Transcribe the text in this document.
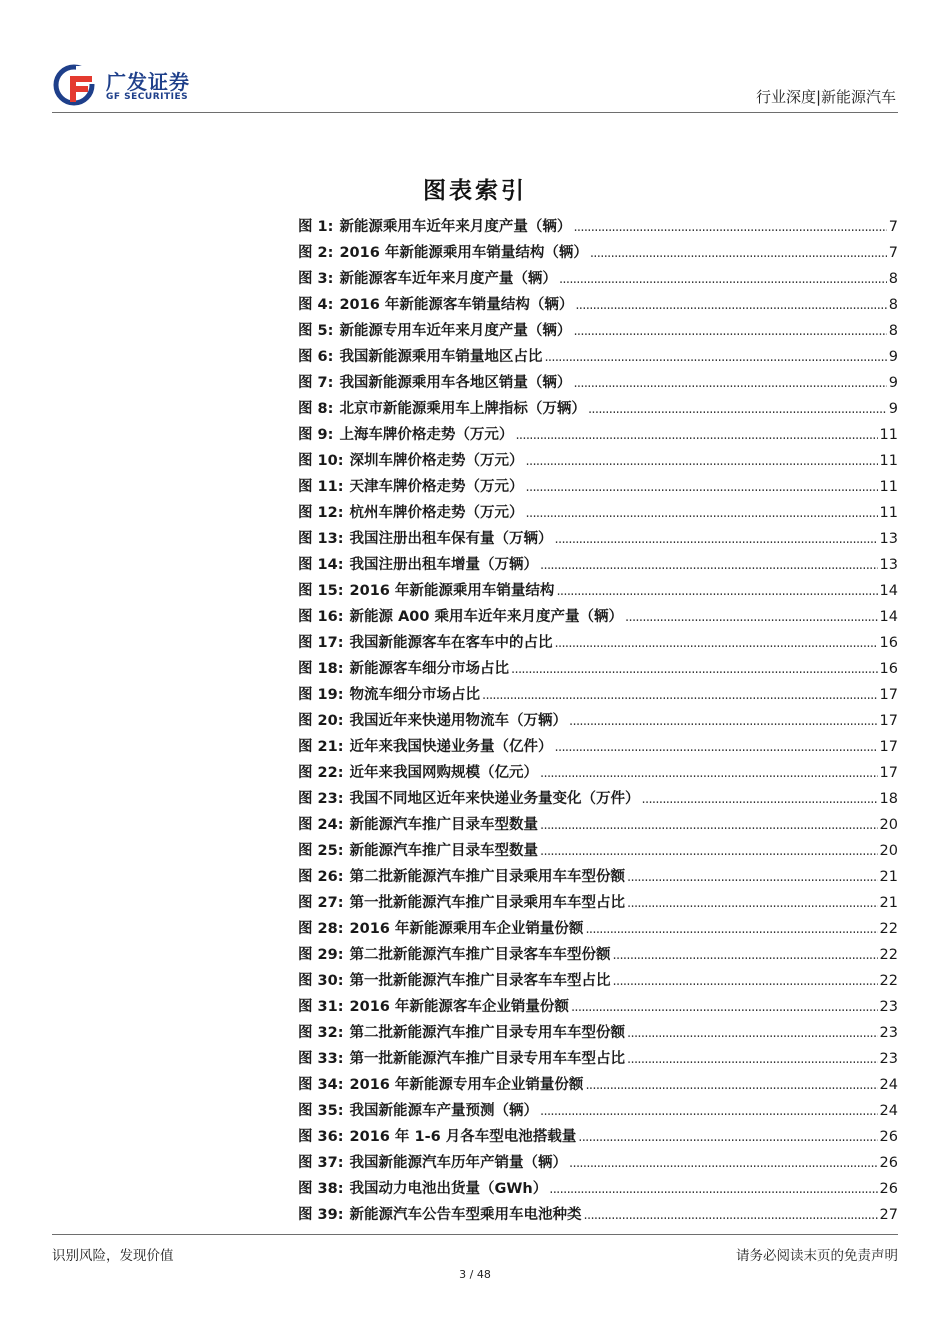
广发证券
GF SECURITIES	行业深度|新能源汽车
图表索引
图 1: 新能源乘用车近年来月度产量（辆） . . .	7
图 2: 2016 年新能源乘用车销量结构（辆） . . .	7
图 3: 新能源客车近年来月度产量（辆） . . .	8
图 4: 2016 年新能源客车销量结构（辆） . . .	8
图 5: 新能源专用车近年来月度产量（辆） . . .	8
图 6: 我国新能源乘用车销量地区占比 . . .	9
图 7: 我国新能源乘用车各地区销量（辆） . . .	9
图 8: 北京市新能源乘用车上牌指标（万辆） . . .	9
图 9: 上海车牌价格走势（万元） . . .	11
图 10: 深圳车牌价格走势（万元） . . .	11
图 11: 天津车牌价格走势（万元） . . .	11
图 12: 杭州车牌价格走势（万元） . . .	11
图 13: 我国注册出租车保有量（万辆） . . .	13
图 14: 我国注册出租车增量（万辆） . . .	13
图 15: 2016 年新能源乘用车销量结构 . . .	14
图 16: 新能源 A00 乘用车近年来月度产量（辆） . . .	14
图 17: 我国新能源客车在客车中的占比 . . .	16
图 18: 新能源客车细分市场占比 . . .	16
图 19: 物流车细分市场占比 . . .	17
图 20: 我国近年来快递用物流车（万辆） . . .	17
图 21: 近年来我国快递业务量（亿件） . . .	17
图 22: 近年来我国网购规模（亿元） . . .	17
图 23: 我国不同地区近年来快递业务量变化（万件） . . .	18
图 24: 新能源汽车推广目录车型数量 . . .	20
图 25: 新能源汽车推广目录车型数量 . . .	20
图 26: 第二批新能源汽车推广目录乘用车车型份额 . . .	21
图 27: 第一批新能源汽车推广目录乘用车车型占比 . . .	21
图 28: 2016 年新能源乘用车企业销量份额 . . .	22
图 29: 第二批新能源汽车推广目录客车车型份额 . . .	22
图 30: 第一批新能源汽车推广目录客车车型占比 . . .	22
图 31: 2016 年新能源客车企业销量份额 . . .	23
图 32: 第二批新能源汽车推广目录专用车车型份额 . . .	23
图 33: 第一批新能源汽车推广目录专用车车型占比 . . .	23
图 34: 2016 年新能源专用车企业销量份额 . . .	24
图 35: 我国新能源车产量预测（辆） . . .	24
图 36: 2016 年 1-6 月各车型电池搭载量 . . .	26
图 37: 我国新能源汽车历年产销量（辆） . . .	26
图 38: 我国动力电池出货量（GWh） . . .	26
图 39: 新能源汽车公告车型乘用车电池种类 . . .	27
识别风险，发现价值	请务必阅读末页的免责声明
3 / 48
